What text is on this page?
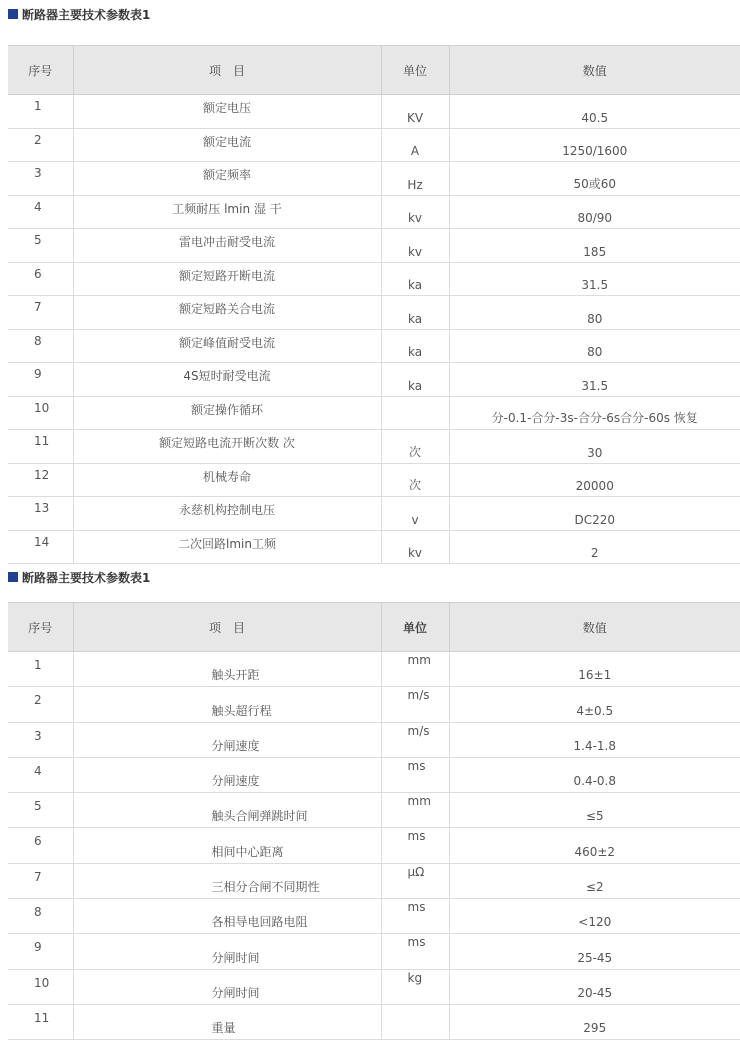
断路器主要技术参数表1
序号	项　目	单位	数值
1	额定电压	KV	40.5
2	额定电流	A	1250/1600
3	额定频率	Hz	50或60
4	工频耐压 lmin 湿 干	kv	80/90
5	雷电冲击耐受电流	kv	185
6	额定短路开断电流	ka	31.5
7	额定短路关合电流	ka	80
8	额定峰值耐受电流	ka	80
9	4S短时耐受电流	ka	31.5
10	额定操作循环		分-0.1-合分-3s-合分-6s合分-60s 恢复
11	额定短路电流开断次数 次	次	30
12	机械寿命	次	20000
13	永慈机构控制电压	v	DC220
14	二次回路lmin工频	kv	2
断路器主要技术参数表1
序号	项　目	单位	数值
1	触头开距	mm	16±1
2	触头超行程	m/s	4±0.5
3	分闸速度	m/s	1.4-1.8
4	分闸速度	ms	0.4-0.8
5	触头合闸弹跳时间	mm	≤5
6	相间中心距离	ms	460±2
7	三相分合闸不同期性	μΩ	≤2
8	各相导电回路电阻	ms	<120
9	分闸时间	ms	25-45
10	分闸时间	kg	20-45
11	重量		295
